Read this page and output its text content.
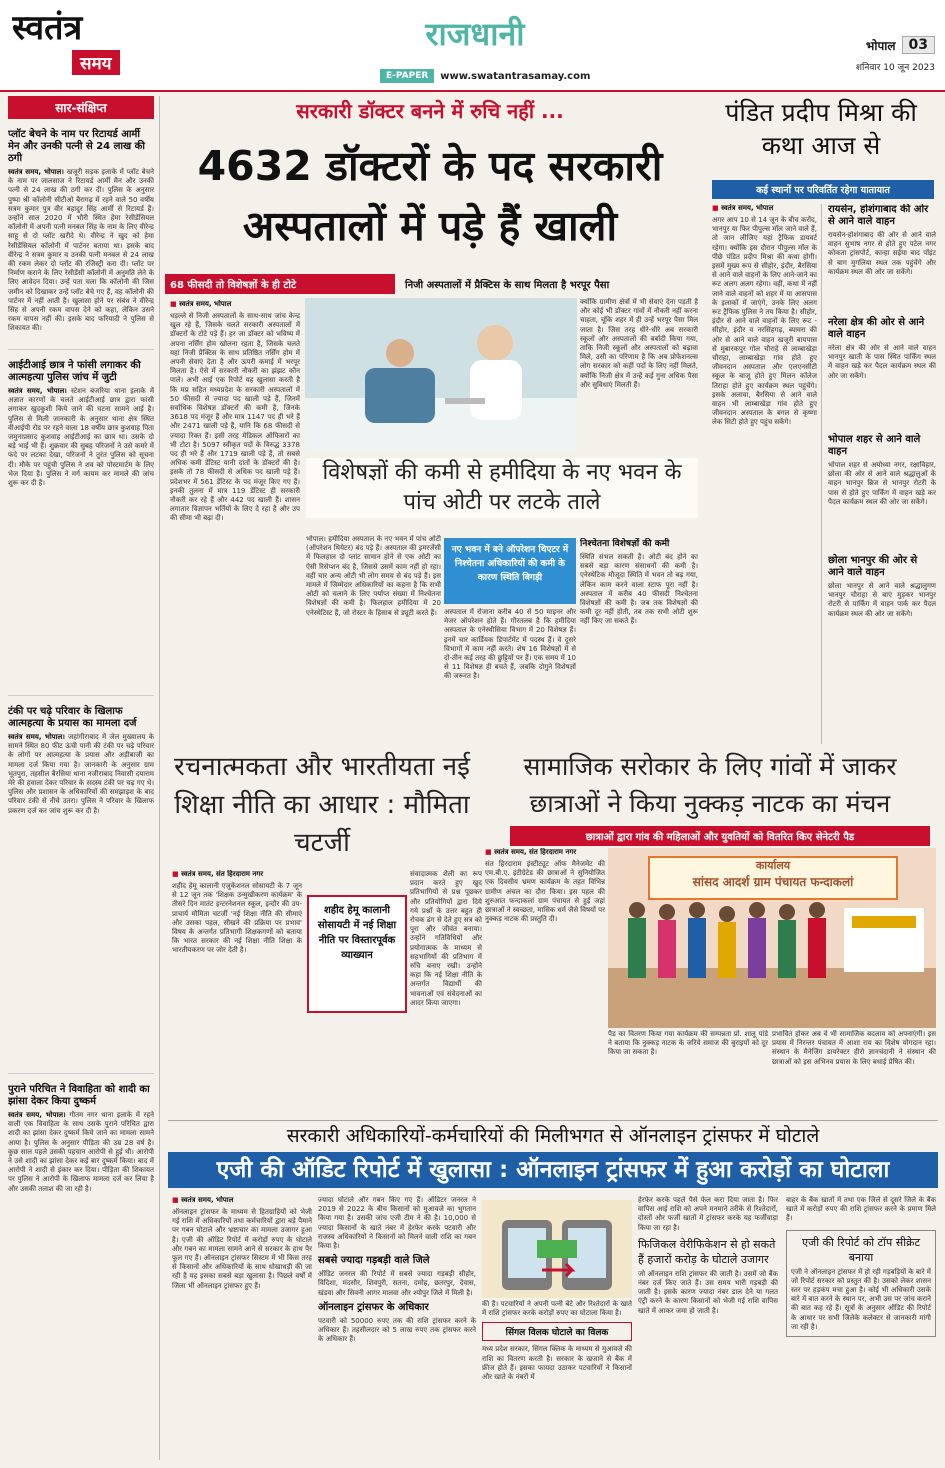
स्वतंत्र
समय
राजधानी
E-PAPER	www.swatantrasamay.com
भोपाल 03
शनिवार 10 जून 2023
सार-संक्षिप्त
प्लॉट बेचने के नाम पर रिटायर्ड आर्मी मेन और उनकी पत्नी से 24 लाख की ठगी
स्वतंत्र समय, भोपाल। खजूरी सड़क इलाके में प्लॉट बेचने के नाम पर जालसाज ने रिटायर्ड आर्मी मैन और उनकी पत्नी से 24 लाख की ठगी कर दी। पुलिस के अनुसार पुष्पा श्री कॉलोनी सीटीओ बैरागढ़ में रहने वाले 50 वर्षीय सत्रम कुमार पुत्र वीर बहादुर सिंह आर्मी से रिटायर्ड हैं। उन्होंने साल 2020 में भौरी स्थित हेमा रेसीडेंसियल कॉलोनी में अपनी पत्नी मनबल सिंह के नाम के लिए वीरेन्द्र साहू से दो प्लॉट खरीदे थे। वीरेन्द्र ने खुद को हेमा रेसीडेंसियल कॉलोनी में पार्टनर बताया था। इसके बाद वीरेन्द्र ने सत्रम कुमार व उनकी पत्नी मनबल से 24 लाख की रकम लेकर दो प्लॉट की रजिस्ट्री करा दी। प्लॉट पर निर्माण कराने के लिए रेसीडेंसी कॉलोनी में अनुमति लेने के लिए आवेदन दिया। उन्हें पता चला कि कॉलोनी की जिस जमीन को दिखाकर उन्हें प्लॉट बेचे गए हैं, वह कॉलोनी की पार्टनर में नहीं आती है। खुलासा होने पर संबंध ने वीरेन्द्र सिंह से अपनी रकम वापस देने को कहा, लेकिन उसने रकम वापस नहीं की। इसके बाद फरियादी ने पुलिस से शिकायत की।
आईटीआई छात्र ने फांसी लगाकर की आत्महत्या पुलिस जांच में जुटी
स्वतंत्र समय, भोपाल। स्टेशन बजरिया थाना इलाके में अज्ञात कारणों के चलते आईटीआई छात्र द्वारा फांसी लगाकर खुदकुशी किये जाने की घटना सामने आई है। पुलिस से मिली जानकारी के अनुसार थाना क्षेत्र स्थित वीआईपी रोड पर रहने वाला 18 वर्षीय छात्र कुशवाह पिता जमुनाप्रसाद कुशवाह आईटीआई का छात्र था। उसके दो बड़े भाई भी हैं। शुक्रवार की सुबह परिजनों ने उसे कमरे में फंदे पर लटका देखा, परिजनों ने तुरंत पुलिस को सूचना दी। मौके पर पहुंची पुलिस ने शव को पोस्टमार्टम के लिए भेज दिया है। पुलिस ने मर्ग कायम कर मामले की जांच शुरू कर दी है।
टंकी पर चढ़े परिवार के खिलाफ आत्महत्या के प्रयास का मामला दर्ज
स्वतंत्र समय, भोपाल। जहांगीराबाद में जेल मुख्यालय के सामने स्थित 80 फीट ऊंची पानी की टंकी पर चढ़े परिवार के लोगों पर आत्महत्या के प्रयास और अड़ीबाजी का मामला दर्ज किया गया है। जानकारी के अनुसार ग्राम भूतपुरा, तहसील बैरसिया थाना नजीराबाद निवासी दयाराम मेरे की हवाला देकर परिवार के सदस्य टंकी पर चढ़ गए थे। पुलिस और प्रशासन के अधिकारियों की समझाइश के बाद परिवार टंकी से नीचे उतरा। पुलिस ने परिवार के खिलाफ प्रकरण दर्ज कर जांच शुरू कर दी है।
पुराने परिचित ने विवाहिता को शादी का झांसा देकर किया दुष्कर्म
स्वतंत्र समय, भोपाल। गौतम नगर थाना इलाके में रहने वाली एक विवाहिता के साथ उसके पुराने परिचित द्वारा शादी का झांसा देकर दुष्कर्म किये जाने का मामला सामने आया है। पुलिस के अनुसार पीड़िता की उम्र 28 वर्ष है। कुछ साल पहले उसकी पहचान आरोपी से हुई थी। आरोपी ने उसे शादी का झांसा देकर कई बार दुष्कर्म किया। बाद में आरोपी ने शादी से इंकार कर दिया। पीड़िता की शिकायत पर पुलिस ने आरोपी के खिलाफ मामला दर्ज कर लिया है और उसकी तलाश की जा रही है।
सरकारी डॉक्टर बनने में रुचि नहीं ...
4632 डॉक्टरों के पद सरकारी अस्पतालों में पड़े हैं खाली
68 फीसदी तो विशेषज्ञों के ही टोटे	निजी अस्पतालों में प्रैक्टिस के साथ मिलता है भरपूर पैसा
■ स्वतंत्र समय, भोपाल
धड़ल्ले से निजी अस्पतालों के साथ-साथ जांच केन्द्र खुल रहे हैं, जिसके चलते सरकारी अस्पतालों में डॉक्टरों के टोटे पड़े हैं। हर जा डॉक्टर को भविष्य में अपना नर्सिंग होम खोलना रहता है, जिसके चलते यहां निजी प्रैक्टिस के साथ प्रतिष्ठित नर्सिंग होम में अपनी सेवाएं देता है और ऊपरी कमाई में भरपूर मिलता है। ऐसे में सरकारी नौकरी का झंझट कौन पाले। अभी आई एक रिपोर्ट यह खुलासा करती है कि मप्र सहित मध्यप्रदेश के सरकारी अस्पतालों में 50 फीसदी से ज्यादा पद खाली पड़े हैं, जिनमें सर्वाधिक विशेषज्ञ डॉक्टरों की कमी है, जिनके 3618 पद मंजूर हैं और मात्र 1147 पद ही भरे हैं और 2471 खाली पड़े हैं, यानि कि 68 फीसदी से ज्यादा रिक्त हैं। इसी तरह मेडिकल ऑफिसरों का भी टोटा है। 5097 स्वीकृत पदों के विरुद्ध 3378 पद ही भरे हैं और 1719 खाली पड़े हैं, तो सबसे अधिक कमी डेंटिस्ट यानी दांतों के डॉक्टरों की है। इसके तो 78 फीसदी से अधिक पद खाली पड़े हैं। प्रदेशभर में 561 डेंटिस्ट के पद मंजूर किए गए हैं। इनकी तुलना में मात्र 119 डेंटिस्ट ही सरकारी नौकरी कर रहे हैं और 442 पद खाली हैं। शासन लगातार विज्ञापन भर्तियों के लिए दे रहा है और उप की सीमा भी बढ़ा दी।
क्योंकि ग्रामीण क्षेत्रों में भी सेवाएं देना पड़ती है और कोई भी डॉक्टर गांवों में नौकरी नहीं करना चाहता, चूंकि शहर में ही उन्हें भरपूर पैसा मिल जाता है। जिस तरह धीरे-धीरे अब सरकारी स्कूलों और अस्पतालों की बर्बादी किया गया, ताकि निजी स्कूलों और अस्पतालों को बढ़ावा मिले, उसी का परिणाम है कि अब प्रोफेशनल्स लोग सरकार को कहीं पदों के लिए नहीं मिलते, क्योंकि निजी क्षेत्र में उन्हें कई गुना अधिक पैसा और सुविधाएं मिलती हैं।
विशेषज्ञों की कमी से हमीदिया के नए भवन के पांच ओटी पर लटके ताले
भोपाल। हमीदिया अस्पताल के नए भवन में पांच ओटी (ऑपरेशन थियेटर) बंद पड़े हैं। अस्पताल की इमरजेंसी में फिलहाल दो प्लांट सामान होने से एक ओटी का ऐसी रिसेप्शन बंद है, जिससे उसमें काम नहीं हो रहा। वहीं चार अन्य ओटी भी लोग समय से बंद पड़े हैं। इस मामले में जिम्मेदार अधिकारियों का कहना है कि सभी ओटी को चलाने के लिए पर्याप्त संख्या में निश्चेतना विशेषज्ञों की कमी है। फिलहाल हमीदिया में 20 एनेस्थेटिस्ट हैं, जो रोस्टर के हिसाब से ड्यूटी करते हैं।
नए भवन में बने ऑपरेशन थिएटर में निश्चेतना अधिकारियों की कमी के कारण स्थिति बिगड़ी
अस्पताल में रोजाना करीब 40 से 50 माइनर और मेजर ऑपरेशन होते हैं। गौरतलब है कि हमीदिया अस्पताल के एनेस्थीसिया विभाग में 20 विशेषज्ञ हैं। इनमें चार कार्डियक डिपार्टमेंट में पदस्थ हैं। वे दूसरे विभागों में काम नहीं करते। शेष 16 विशेषज्ञों में से दो-तीन कई तरह की छुट्टियों पर हैं। एक समय में 10 से 11 विशेषज्ञ ही बचते हैं, जबकि दोगुने विशेषज्ञों की जरूरत है।
निश्चेतना विशेषज्ञों की कमी
स्थिति संभल सकती है। ओटी बंद होने का सबसे बड़ा कारण संसाधनों की कमी है। एनेस्थेटिक मौजूदा स्थिति में भवन तो बढ़ गया, लेकिन काम करने वाला स्टाफ पूरा नहीं है। अस्पताल में करीब 40 फीसदी निश्चेतना विशेषज्ञों की कमी है। जब तक विशेषज्ञों की कमी दूर नहीं होती, तब तक सभी ओटी शुरू नहीं किए जा सकते हैं।
पंडित प्रदीप मिश्रा की कथा आज से
कई स्थानों पर परिवर्तित रहेगा यातायात
■ स्वतंत्र समय, भोपाल
अगर आप 10 से 14 जून के बीच करोंद, भानपुर या फिर पीपुल्स मॉल जाने वाले हैं, तो जान लीजिए यहां ट्रैफिक डायवर्ट रहेगा। क्योंकि इस दौरान पीपुल्स मॉल के पीछे पंडित प्रदीप मिश्रा की कथा होगी। इसमें मुख्य रूप से सीहोर, इंदौर, बैरसिया से आने वाले वाहनों के लिए आने-जाने का रूट अलग अलग रहेगा। वहीं, कथा में नहीं जाने वाले वाहनों को शहर में या आसपास के इलाकों में जाएंगे, उनके लिए अलग रूट ट्रैफिक पुलिस ने तय किया है। सीहोर, इंदौर से आने वाले वाहनों के लिए रूट - सीहोर, इंदौर व नरसिंहगढ़, ब्यावरा की ओर से आने वाले वाहन खजूरी बायपास से मुबारकपुर गोल चौराहे से लाम्बाखेड़ा चौराहा, लाम्बाखेड़ा गांव होते हुए जीवनदान अस्पताल और एलएनसीटी स्कूल के बाजू होते हुए मिलन कॉलेज तिराहा होते हुए कार्यक्रम स्थल पहुंचेंगे। इसके अलावा, बैरसिया से आने वाले वाहन भी लाम्बाखेड़ा गांव होते हुए जीवनदान अस्पताल के बगल से कृष्णा लेक सिटी होते हुए पहुंच सकेंगे।
रायसेन, होशंगाबाद की ओर से आने वाले वाहन
रायसेन-होशंगाबाद की ओर से आने वाले वाहन सुभाष नगर से होते हुए पटेल नगर कोकता ट्रांसपोर्ट, कान्हा सईया बाद पॉइंट से बाग मुगलिया स्थल तक पहुंचेंगे और कार्यक्रम स्थल की ओर जा सकेंगे।
नरेला क्षेत्र की ओर से आने वाले वाहन
नरेला क्षेत्र की ओर से आने वाले वाहन भानपुर खाती के पास स्थित पार्किंग स्थल में वाहन खड़े कर पैदल कार्यक्रम स्थल की ओर जा सकेंगे।
भोपाल शहर से आने वाले वाहन
भोपाल शहर से अयोध्या नगर, रक्षाविहार, छोला की ओर से आने वाले श्रद्धालुओं के वाहन भानपुर ब्रिज से भानपुर रोटरी के पास से होते हुए पार्किंग में वाहन खड़े कर पैदल कार्यक्रम स्थल की ओर जा सकेंगे।
छोला भानपुर की ओर से आने वाले वाहन
छोला भानपुर से आने वाले श्रद्धालुगण भानपुर चौराहा से बाएं मुड़कर भानपुर रोटरी से पार्किंग में वाहन पार्क कर पैदल कार्यक्रम स्थल की ओर जा सकेंगे।
रचनात्मकता और भारतीयता नई शिक्षा नीति का आधार : मौमिता चटर्जी
■ स्वतंत्र समय, संत हिरदाराम नगर
शहीद हेमू कालानी एजुकेशनल सोसायटी के 7 जून से 12 जून तक 'शिक्षक उन्मुखीकरण कार्यक्रम' के तीसरे दिन मातंट इन्टरनेशनल स्कूल, इन्दौर की उप-प्राचार्य मौमिता चटर्जी 'नई शिक्षा नीति की सीमाएं और उसका पहल, सीखने की प्रक्रिया पर प्रभाव' विषय के अन्तर्गत प्रतिभागी शिक्षकगणों को बताया कि भारत सरकार की नई शिक्षा नीति शिक्षा के भारतीयकरण पर जोर देती है।
शहीद हेमू कालानी सोसायटी में नई शिक्षा नीति पर विस्तारपूर्वक व्याख्यान
संवादात्मक शैली का रूप प्रदान करते हुए खुद प्रतिभागियों से प्रश्न पूछकर और प्रतियोगियों द्वारा दिये गये प्रश्नों के उत्तर बहुत ही रोचक ढंग से देते हुए सत्र को पूरा और जीवंत बनाया। उन्होंने गतिविधियों और प्रयोगात्मक के माध्यम से सहभागियों की प्रतिभाग में रुचि बनाए रखी। उन्होंने कहा कि नई शिक्षा नीति के अन्तर्गत विद्यार्थी की भावनाओं एवं संवेदनाओं का आदर किया जाएगा।
सामाजिक सरोकार के लिए गांवों में जाकर छात्राओं ने किया नुक्कड़ नाटक का मंचन
छात्राओं द्वारा गांव की महिलाओं और युवतियों को वितरित किए सेनेटरी पैड
■ स्वतंत्र समय, संत हिरदाराम नगर
संत हिरदाराम इंस्टीट्यूट ऑफ मैनेजमेंट की एम.बी.ए. इंटीग्रेटेड की छात्राओं ने सुनियोजित एक दिवसीय भ्रमण कार्यक्रम के तहत विभिन्न ग्रामीण अंचल का दौरा किया। इस पहल की शुरुआत फन्दाकलां ग्राम पंचायत से हुई जहां छात्राओं ने स्वच्छता, मासिक धर्म जैसे विषयों पर नुक्कड़ नाटक की प्रस्तुति दी।
कार्यालय
सांसद आदर्श ग्राम पंचायत फन्दाकलां
पैड का वितरण किया गया कार्यक्रम की सम्पन्नता प्रो. शालू पांडे ने बताया कि नुक्कड़ नाटक के जरिये समाज की बुराइयों को दूर किया जा सकता है।
प्रभावित होकर अब वे भी सामाजिक बदलाव को अपनाएंगी। इस प्रयास में निरन्तर पंचायत में आशा राय का विशेष योगदान रहा। संस्थान के मैनेजिंग डायरेक्टर हीरो ज्ञानचंदानी ने संस्थान की छात्राओं को इस अभिनव प्रयास के लिए बधाई प्रेषित की।
सरकारी अधिकारियों-कर्मचारियों की मिलीभगत से ऑनलाइन ट्रांसफर में घोटाले
एजी की ऑडिट रिपोर्ट में खुलासा : ऑनलाइन ट्रांसफर में हुआ करोड़ों का घोटाला
■ स्वतंत्र समय, भोपाल
ऑनलाइन ट्रांसफर के माध्यम से हितग्राहियों को भेजी गई राशि में अधिकारियों तथा कर्मचारियों द्वारा बड़े पैमाने पर गबन घोटाले और भ्रष्टाचार का मामला उजागर हुआ है। एजी की ऑडिट रिपोर्ट में करोड़ों रुपए के घोटाले और गबन का मामला सामने आने से सरकार के हाथ पैर फूल गए हैं। ऑनलाइन ट्रांसफर सिस्टम में भी किस तरह से किसानों और अधिकारियों के साथ धोखाधड़ी की जा रही है यह इसका सबसे बड़ा खुलासा है। पिछले वर्षों में जिला भी ऑनलाइन ट्रांसफर हुए हैं।
ज्यादा घोटाले और गबन किए गए हैं। ऑडिटर जनरल ने 2019 से 2022 के बीच किसानों को मुआवजे का भुगतान किया गया है। उसकी जांच एजी टीम ने की है। 10,000 से ज्यादा किसानों के खाते नंबर में हेरफेर करके पटवारी और राजस्व अधिकारियों ने किसानों को मिलने वाली राशि का गबन किया है।
सबसे ज्यादा गड़बड़ी वाले जिले
ऑडिट जनरल की रिपोर्ट में सबसे ज्यादा गड़बड़ी सीहोर, विदिशा, मंदसौर, शिवपुरी, सतना, दमोह, छतरपुर, देवास, खंडवा और सिवनी आगर मालवा और श्योपुर जिले में मिली है।
ऑनलाइन ट्रांसफर के अधिकार
पटवारी को 50000 रुपए तक की राशि ट्रांसफर करने के अधिकार हैं। तहसीलदार को 5 लाख रुपए तक ट्रांसफर करने के अधिकार हैं।
की है। पटवारियों ने अपनी पत्नी बेटे और रिश्तेदारों के खाते में राशि ट्रांसफर करके करोड़ों रुपए का घोटाला किया है।
सिंगल विलक घोटाले का विलक
मध्य प्रदेश सरकार, सिंगल क्लिक के माध्यम से मुआवजे की राशि का वितरण करती है। सरकार के खजाने से बैंक में फ्रीज होते हैं। इसका फायदा उठाकर पटवारियों ने किसानों और खाते के नंबरों में
हेरफेर करके पहले पैसे फेल करा दिया जाता है। फिर वापिस आई राशि को अपने मनमाने तरीके से रिश्तेदारों, दोस्तों और फर्जी खातों में ट्रांसफर करके यह फर्जीवाड़ा किया जा रहा है।
फिजिकल वेरीफिकेशन से हो सकते हैं हजारों करोड़ के घोटाले उजागर
जो ऑनलाइन राशि ट्रांसफर की जाती है। उसमें जो बैंक नंबर दर्ज किए जाते हैं। उस समय भारी गड़बड़ी की जाती है। इसके कारण ज्यादा नंबर डाल देने या गलत एंट्री करने के कारण किसानों को भेजी गई राशि वापिस खाते में आकर जमा हो जाती है।
बाहर के बैंक खातों में तथा एक जिले से दूसरे जिले के बैंक खाते में करोड़ों रुपए की राशि ट्रांसफर करने के प्रमाण मिले हैं।
एजी की रिपोर्ट को टॉप सीक्रेट बनाया
एजी ने ऑनलाइन ट्रांसफर में हो रही गड़बड़ियों के बारे में जो रिपोर्ट सरकार को प्रस्तुत की है। उसको लेकर शासन स्तर पर हड़कंप मचा हुआ है। कोई भी अधिकारी उसके बारे में बात करने के स्थान पर, अभी उस पर जांच कराने की बात कह रहे हैं। सूत्रों के अनुसार ऑडिट की रिपोर्ट के आधार पर सभी जिलेके कलेक्टर से जानकारी मांगी जा रही है।
